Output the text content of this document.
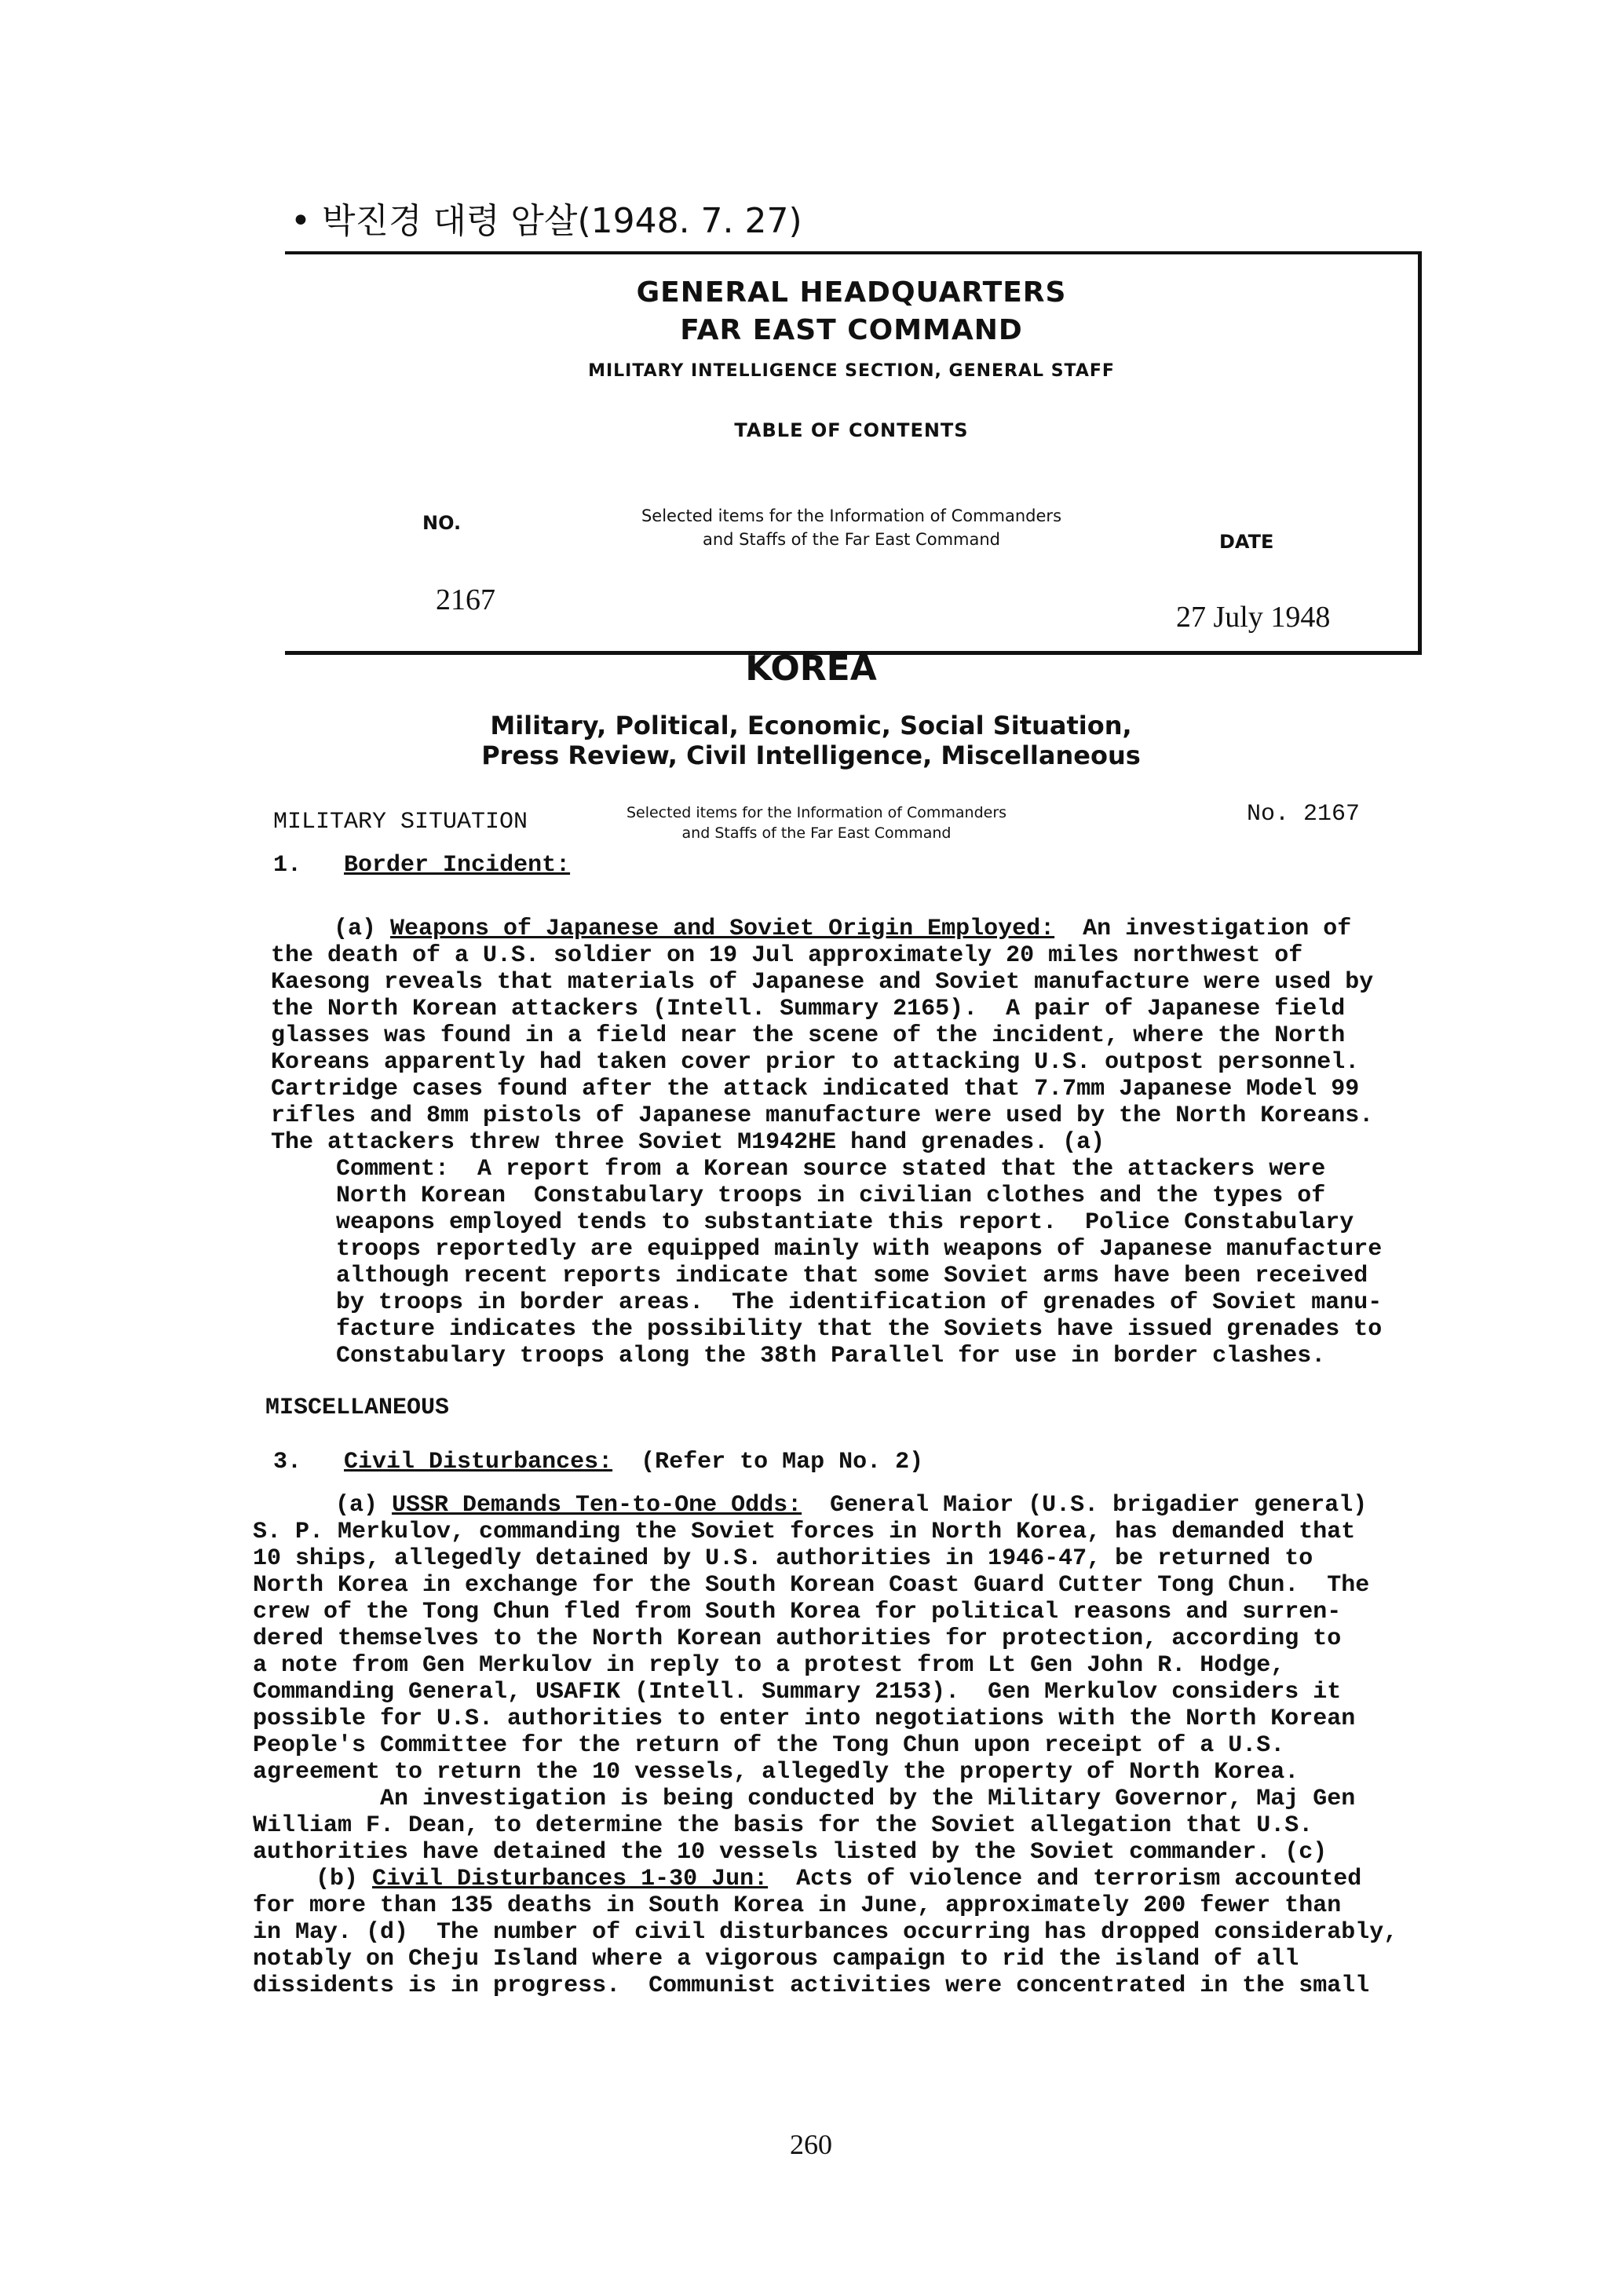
• 박진경 대령 암살(1948. 7. 27)
GENERAL HEADQUARTERS
FAR EAST COMMAND
MILITARY INTELLIGENCE SECTION, GENERAL STAFF
TABLE OF CONTENTS
NO.	Selected items for the Information of Commanders
and Staffs of the Far East Command	DATE
2167
27 July 1948
KOREA
Military, Political, Economic, Social Situation,
Press Review, Civil Intelligence, Miscellaneous
MILITARY SITUATION	Selected items for the Information of Commanders
and Staffs of the Far East Command
No. 2167
1. Border Incident:
(a) Weapons of Japanese and Soviet Origin Employed:  An investigation of
the death of a U.S. soldier on 19 Jul approximately 20 miles northwest of
Kaesong reveals that materials of Japanese and Soviet manufacture were used by
the North Korean attackers (Intell. Summary 2165).  A pair of Japanese field
glasses was found in a field near the scene of the incident, where the North
Koreans apparently had taken cover prior to attacking U.S. outpost personnel.
Cartridge cases found after the attack indicated that 7.7mm Japanese Model 99
rifles and 8mm pistols of Japanese manufacture were used by the North Koreans.
The attackers threw three Soviet M1942HE hand grenades. (a)
Comment:  A report from a Korean source stated that the attackers were
North Korean  Constabulary troops in civilian clothes and the types of
weapons employed tends to substantiate this report.  Police Constabulary
troops reportedly are equipped mainly with weapons of Japanese manufacture
although recent reports indicate that some Soviet arms have been received
by troops in border areas.  The identification of grenades of Soviet manu-
facture indicates the possibility that the Soviets have issued grenades to
Constabulary troops along the 38th Parallel for use in border clashes.
MISCELLANEOUS
3. Civil Disturbances:  (Refer to Map No. 2)
(a) USSR Demands Ten-to-One Odds:  General Maior (U.S. brigadier general)
S. P. Merkulov, commanding the Soviet forces in North Korea, has demanded that
10 ships, allegedly detained by U.S. authorities in 1946-47, be returned to
North Korea in exchange for the South Korean Coast Guard Cutter Tong Chun.  The
crew of the Tong Chun fled from South Korea for political reasons and surren-
dered themselves to the North Korean authorities for protection, according to
a note from Gen Merkulov in reply to a protest from Lt Gen John R. Hodge,
Commanding General, USAFIK (Intell. Summary 2153).  Gen Merkulov considers it
possible for U.S. authorities to enter into negotiations with the North Korean
People's Committee for the return of the Tong Chun upon receipt of a U.S.
agreement to return the 10 vessels, allegedly the property of North Korea.
An investigation is being conducted by the Military Governor, Maj Gen
William F. Dean, to determine the basis for the Soviet allegation that U.S.
authorities have detained the 10 vessels listed by the Soviet commander. (c)
(b) Civil Disturbances 1-30 Jun:  Acts of violence and terrorism accounted
for more than 135 deaths in South Korea in June, approximately 200 fewer than
in May. (d)  The number of civil disturbances occurring has dropped considerably,
notably on Cheju Island where a vigorous campaign to rid the island of all
dissidents is in progress.  Communist activities were concentrated in the small
260
